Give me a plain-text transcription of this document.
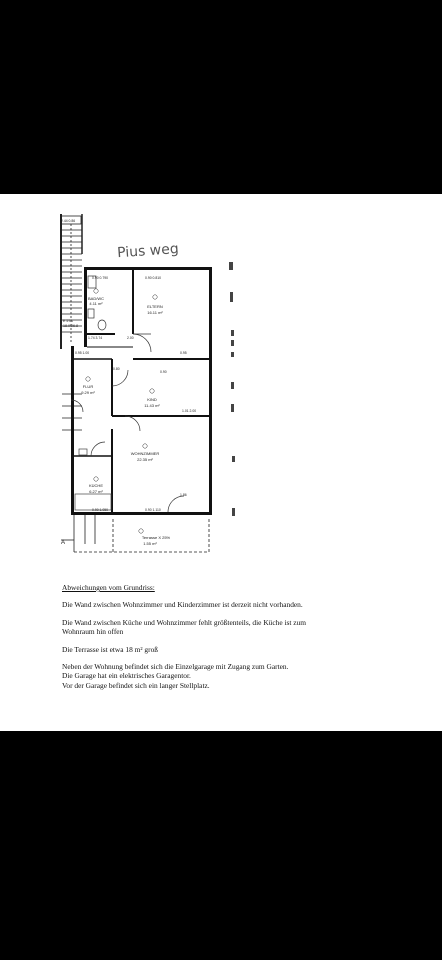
Pius weg
E 57A
18.0/26.8
A
2.44 0.86
0.90 0.790	0.90 0.810
1.74 3.74	2.00
0.95 1.00	0.95
0.80
0.90
1.01 2.00
1.86
0.90 1.050	0.90 1.110
BAD/WC
4.11 m²
ELTERN
16.11 m²
FLUR
9.29 m²
KIND
11.43 m²
WOHNZIMMER
22.35 m²
KÜCHE
6.27 m²
Terrasse X 25%
1.55 m²
Abweichungen vom Grundriss:
Die Wand zwischen Wohnzimmer und Kinderzimmer ist derzeit nicht vorhanden.
Die Wand zwischen Küche und Wohnzimmer fehlt größtenteils, die Küche ist zum
Wohnraum hin offen
Die Terrasse ist etwa 18 m² groß
Neben der Wohnung befindet sich die Einzelgarage mit Zugang zum Garten.
Die Garage hat ein elektrisches Garagentor.
Vor der Garage befindet sich ein langer Stellplatz.
